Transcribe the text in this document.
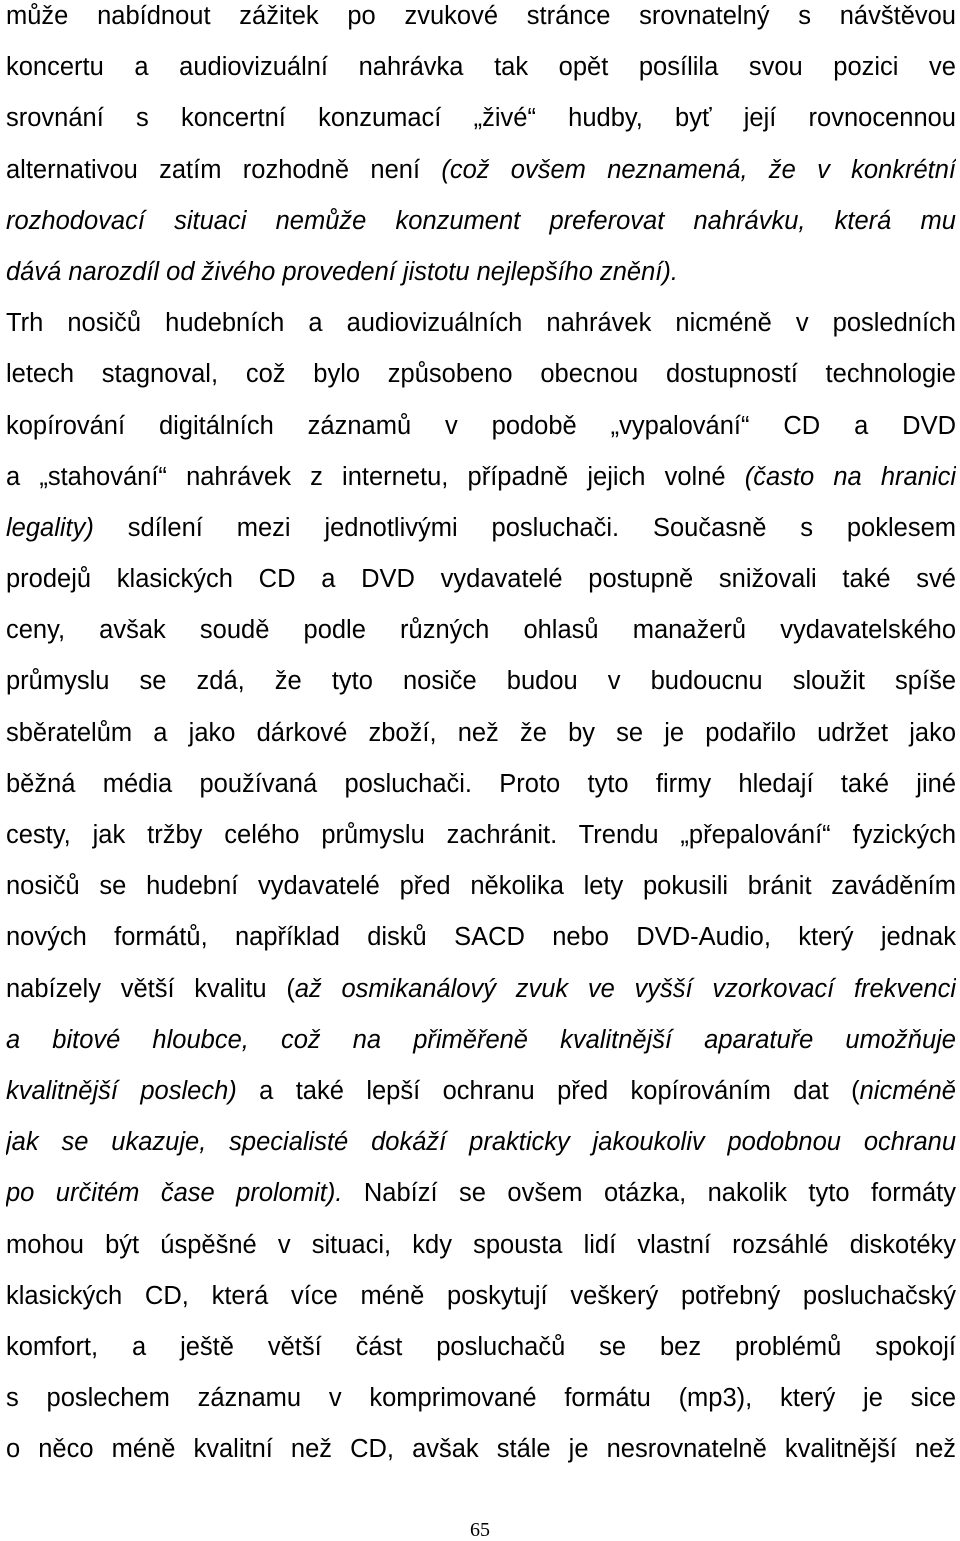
může nabídnout zážitek po zvukové stránce srovnatelný s návštěvou
koncertu a audiovizuální nahrávka tak opět posílila svou pozici ve
srovnání s koncertní konzumací „živé“ hudby, byť její rovnocennou
alternativou zatím rozhodně není (což ovšem neznamená, že v konkrétní
rozhodovací situaci nemůže konzument preferovat nahrávku, která mu
dává narozdíl od živého provedení jistotu nejlepšího znění).
Trh nosičů hudebních a audiovizuálních nahrávek nicméně v posledních
letech stagnoval, což bylo způsobeno obecnou dostupností technologie
kopírování digitálních záznamů v podobě „vypalování“ CD a DVD
a „stahování“ nahrávek z internetu, případně jejich volné (často na hranici
legality) sdílení mezi jednotlivými posluchači. Současně s poklesem
prodejů klasických CD a DVD vydavatelé postupně snižovali také své
ceny, avšak soudě podle různých ohlasů manažerů vydavatelského
průmyslu se zdá, že tyto nosiče budou v budoucnu sloužit spíše
sběratelům a jako dárkové zboží, než že by se je podařilo udržet jako
běžná média používaná posluchači. Proto tyto firmy hledají také jiné
cesty, jak tržby celého průmyslu zachránit. Trendu „přepalování“ fyzických
nosičů se hudební vydavatelé před několika lety pokusili bránit zaváděním
nových formátů, například disků SACD nebo DVD-Audio, který jednak
nabízely větší kvalitu (až osmikanálový zvuk ve vyšší vzorkovací frekvenci
a bitové hloubce, což na přiměřeně kvalitnější aparatuře umožňuje
kvalitnější poslech) a také lepší ochranu před kopírováním dat (nicméně
jak se ukazuje, specialisté dokáží prakticky jakoukoliv podobnou ochranu
po určitém čase prolomit). Nabízí se ovšem otázka, nakolik tyto formáty
mohou být úspěšné v situaci, kdy spousta lidí vlastní rozsáhlé diskotéky
klasických CD, která více méně poskytují veškerý potřebný posluchačský
komfort, a ještě větší část posluchačů se bez problémů spokojí
s poslechem záznamu v komprimované formátu (mp3), který je sice
o něco méně kvalitní než CD, avšak stále je nesrovnatelně kvalitnější než
65
